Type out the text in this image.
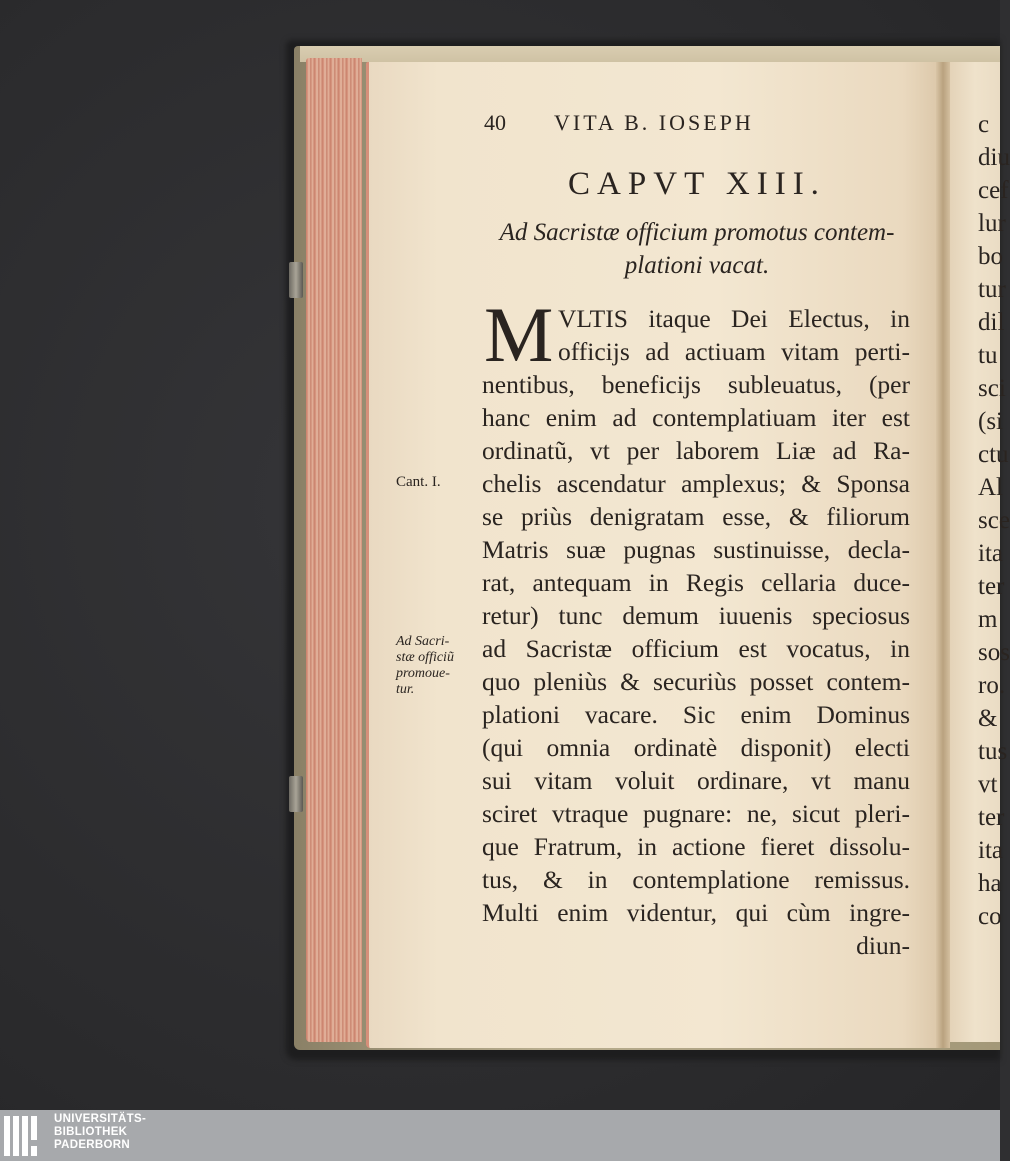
40 VITA B. IOSEPH
CAPVT XIII.
Ad Sacristæ officium promotus contem-
plationi vacat.
M VLTIS itaque Dei Electus, in
officijs ad actiuam vitam perti-
nentibus, beneficijs subleuatus, (per
hanc enim ad contemplatiuam iter est
ordinatũ, vt per laborem Liæ ad Ra-
chelis ascendatur amplexus; & Sponsa
se priùs denigratam esse, & filiorum
Matris suæ pugnas sustinuisse, decla-
rat, antequam in Regis cellaria duce-
retur) tunc demum iuuenis speciosus
ad Sacristæ officium est vocatus, in
quo pleniùs & securiùs posset contem-
plationi vacare. Sic enim Dominus
(qui omnia ordinatè disponit) electi
sui vitam voluit ordinare, vt manu
sciret vtraque pugnare: ne, sicut pleri-
que Fratrum, in actione fieret dissolu-
tus, & in contemplatione remissus.
Multi enim videntur, qui cùm ingre-
diun-
Cant. I.
Ad Sacri-
stæ officiũ
promoue-
tur.
c
diu
cef
lur
bo
tur
dil
tu
sci
(si
ctu
Al
sce
ita
ter
m
sos
ro.
&
tus
vt
ter
ita
ha
co
UNIVERSITÄTS-
BIBLIOTHEK
PADERBORN
